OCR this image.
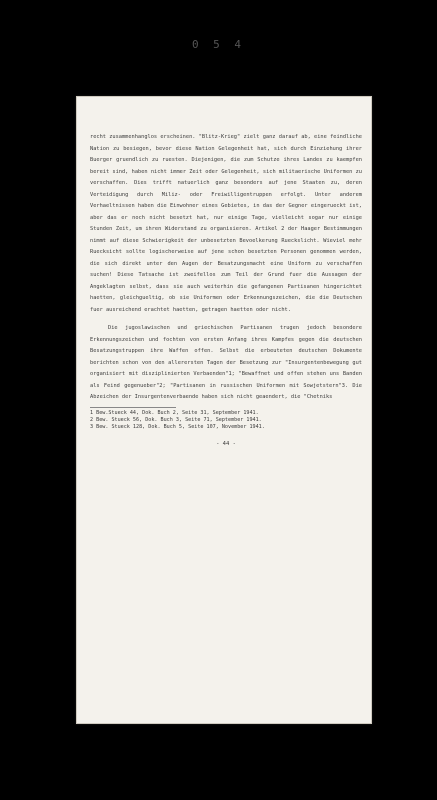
0 5 4

recht zusammenhanglos erscheinen. "Blitz-Krieg" zielt ganz darauf ab, eine feindliche Nation zu besiegen, bevor diese Nation Gelegenheit hat, sich durch Einziehung ihrer Buerger gruendlich zu ruesten. Diejenigen, die zum Schutze ihres Landes zu kaempfen bereit sind, haben nicht immer Zeit oder Gelegenheit, sich militaerische Uniformen zu verschaffen. Dies trifft natuerlich ganz besonders auf jene Staaten zu, deren Verteidigung durch Miliz- oder Freiwilligentruppen erfolgt. Unter anderem Verhaeltnissen haben die Einwohner eines Gebietes, in das der Gegner eingerueckt ist, aber das er noch nicht besetzt hat, nur einige Tage, vielleicht sogar nur einige Stunden Zeit, um ihren Widerstand zu organisieren. Artikel 2 der Haager Bestimmungen nimmt auf diese Schwierigkeit der unbesetzten Bevoelkerung Rueckslicht. Wieviel mehr Ruecksicht sollte logischerweise auf jene schon besetzten Personen genommen werden, die sich direkt unter den Augen der Besatzungsmacht eine Uniform zu verschaffen suchen! Diese Tatsache ist zweifellos zum Teil der Grund fuer die Aussagen der Angeklagten selbst, dass sie auch weiterhin die gefangenen Partisanen hingerichtet haetten, gleichgueltig, ob sie Uniformen oder Erkennungszeichen, die die Deutschen fuer ausreichend erachtet haetten, getragen haetten oder nicht.

Die jugoslawischen und griechischen Partisanen trugen jedoch besondere Erkennungszeichen und fochten von ersten Anfang ihres Kampfes gegen die deutschen Besatzungstruppen ihre Waffen offen. Selbst die erbeuteten deutschen Dokumente berichten schon von den allerersten Tagen der Besetzung zur "Insurgentenbewegung gut organisiert mit disziplinierten Verbaenden"1; "Bewaffnet und offen stehen uns Banden als Feind gegenueber"2; "Partisanen in russischen Uniformen mit Sowjetstern"3. Die Abzeichen der Insurgentenverbaende haben sich nicht geaendert, die "Chetniks

1 Bew.Stueck 44, Dok. Buch 2, Seite 31, September 1941.

2 Bew. Stueck 56, Dok. Buch 3, Seite 71, September 1941.

3 Bew. Stueck 128, Dok. Buch 5, Seite 107, November 1941.

- 44 -
